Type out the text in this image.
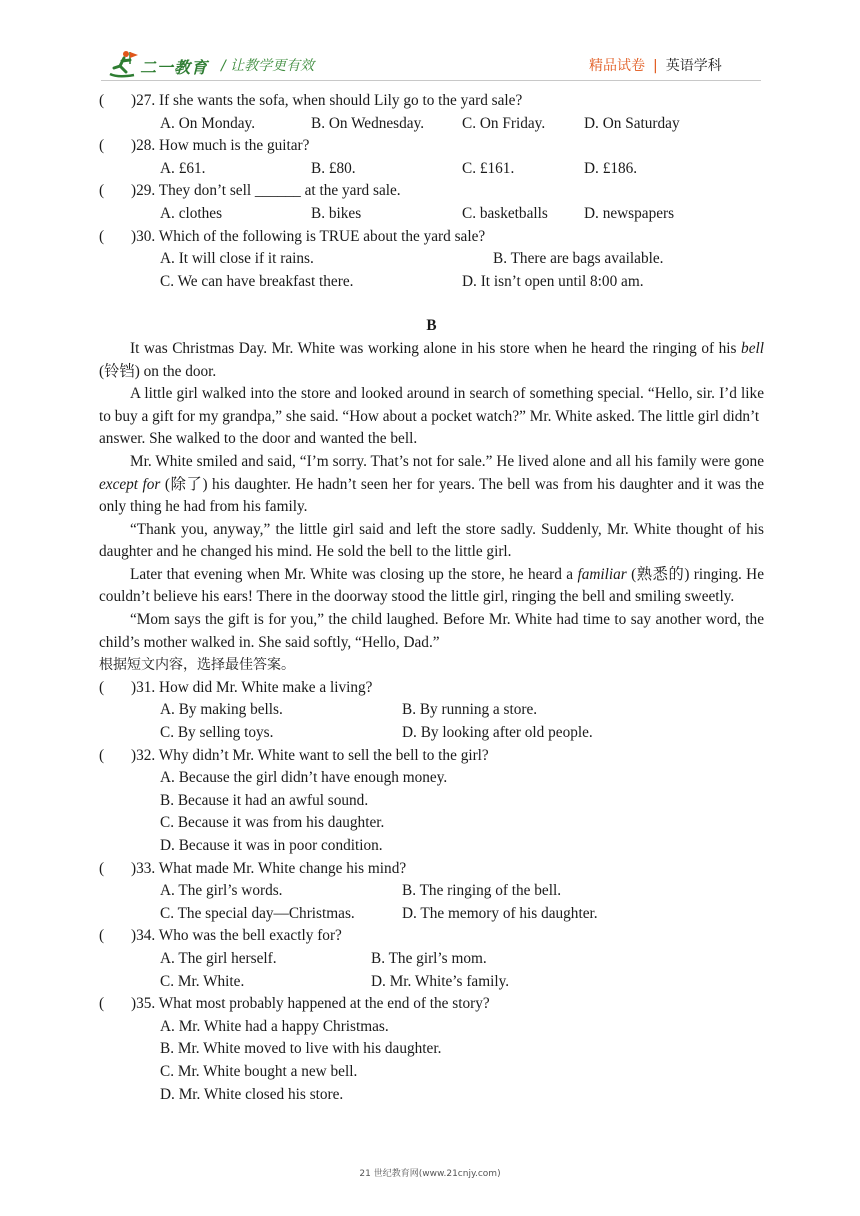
二一教育 / 让教学更有效	精品试卷 | 英语学科
( )27. If she wants the sofa, when should Lily go to the yard sale?
A. On Monday.	B. On Wednesday. C. On Friday.	D. On Saturday
( )28. How much is the guitar?
A. £61.	B. £80.	C. £161.	D. £186.
( )29. They don’t sell ______ at the yard sale.
A. clothes	B. bikes	C. basketballs D. newspapers
( )30. Which of the following is TRUE about the yard sale?
A. It will close if it rains.	B. There are bags available.
C. We can have breakfast there.	D. It isn’t open until 8:00 am.
B
It was Christmas Day. Mr. White was working alone in his store when he heard the ringing of his bell (铃铛) on the door.
A little girl walked into the store and looked around in search of something special. “Hello, sir. I’d like to buy a gift for my grandpa,” she said. “How about a pocket watch?” Mr. White asked. The little girl didn’t
answer. She walked to the door and wanted the bell.
Mr. White smiled and said, “I’m sorry. That’s not for sale.” He lived alone and all his family were gone except for (除了) his daughter. He hadn’t seen her for years. The bell was from his daughter and it was the only thing he had from his family.
“Thank you, anyway,” the little girl said and left the store sadly. Suddenly, Mr. White thought of his daughter and he changed his mind. He sold the bell to the little girl.
Later that evening when Mr. White was closing up the store, he heard a familiar (熟悉的) ringing. He couldn’t believe his ears! There in the doorway stood the little girl, ringing the bell and smiling sweetly.
“Mom says the gift is for you,” the child laughed. Before Mr. White had time to say another word, the child’s mother walked in. She said softly, “Hello, Dad.”
根据短文内容，选择最佳答案。
( )31. How did Mr. White make a living?
A. By making bells.	B. By running a store.
C. By selling toys.	D. By looking after old people.
( )32. Why didn’t Mr. White want to sell the bell to the girl?
A. Because the girl didn’t have enough money.
B. Because it had an awful sound.
C. Because it was from his daughter.
D. Because it was in poor condition.
( )33. What made Mr. White change his mind?
A. The girl’s words.	B. The ringing of the bell.
C. The special day—Christmas.	D. The memory of his daughter.
( )34. Who was the bell exactly for?
A. The girl herself.	B. The girl’s mom.
C. Mr. White.	D. Mr. White’s family.
( )35. What most probably happened at the end of the story?
A. Mr. White had a happy Christmas.
B. Mr. White moved to live with his daughter.
C. Mr. White bought a new bell.
D. Mr. White closed his store.
21 世纪教育网(www.21cnjy.com)
